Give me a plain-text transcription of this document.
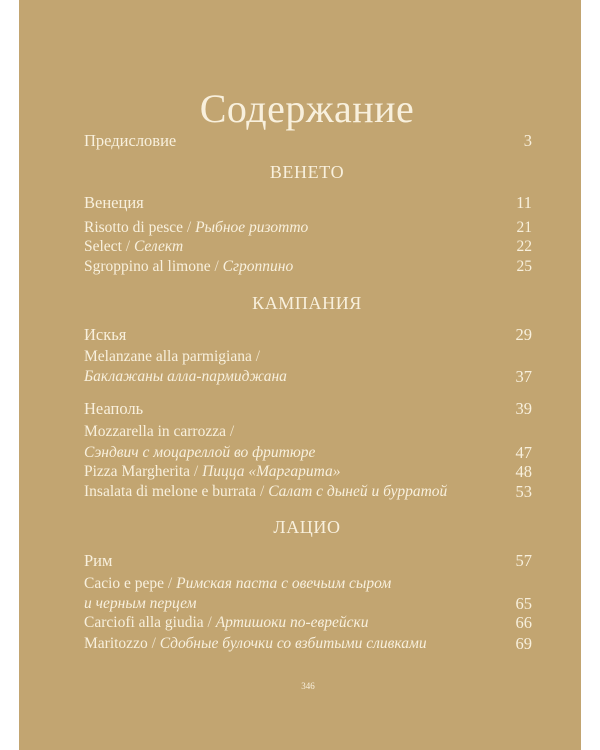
Содержание
Предисловие	3
ВЕНЕТО
Венеция	11
Risotto di pesce / Рыбное ризотто	21
Select / Селект	22
Sgroppino al limone / Сгроппино	25
КАМПАНИЯ
Искья	29
Melanzane alla parmigiana /
Баклажаны алла-пармиджана	37
Неаполь	39
Mozzarella in carrozza /
Сэндвич с моцареллой во фритюре	47
Pizza Margherita / Пицца «Маргарита»	48
Insalata di melone e burrata / Салат с дыней и бурратой	53
ЛАЦИО
Рим	57
Cacio e pepe / Римская паста с овечьим сыром
и черным перцем	65
Carciofi alla giudia / Артишоки по-еврейски	66
Maritozzo / Сдобные булочки со взбитыми сливками	69
346
